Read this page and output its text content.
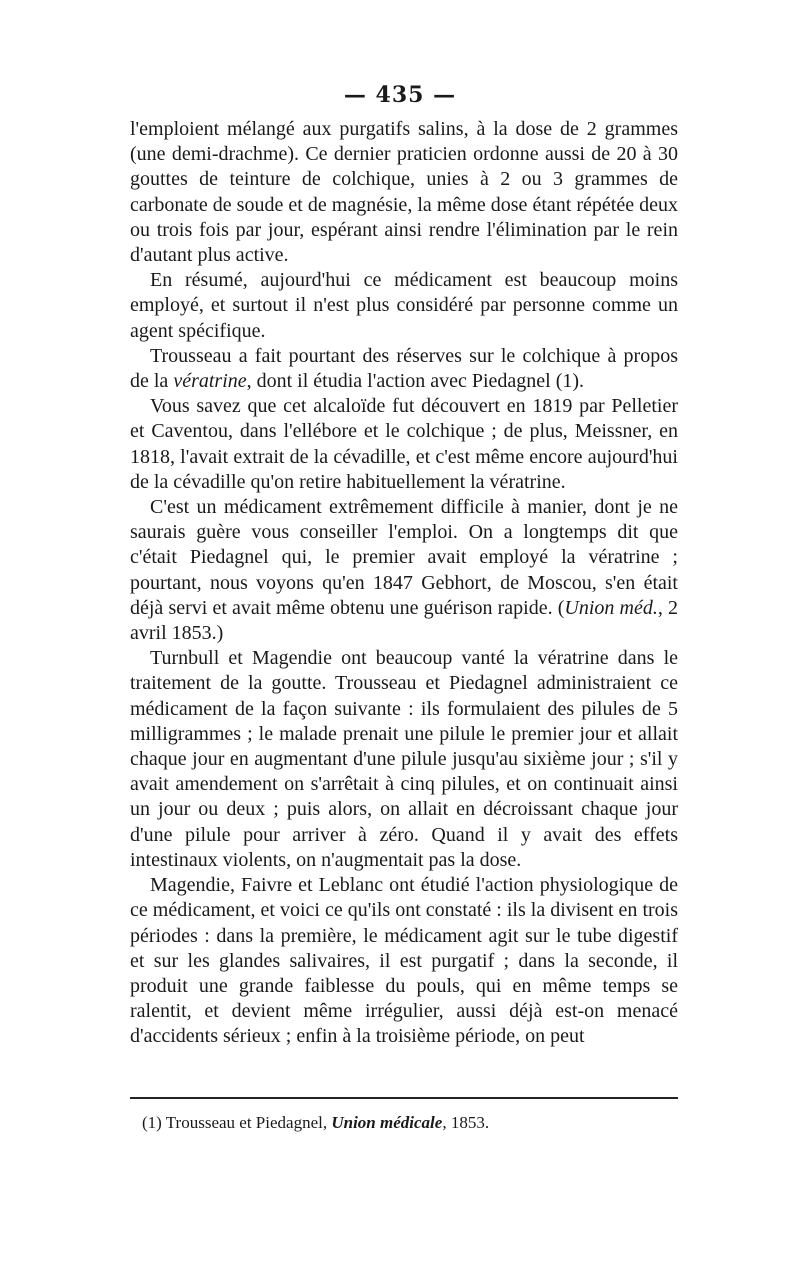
— 435 —

l'emploient mélangé aux purgatifs salins, à la dose de 2 grammes (une demi-drachme). Ce dernier praticien ordonne aussi de 20 à 30 gouttes de teinture de colchique, unies à 2 ou 3 grammes de carbonate de soude et de magnésie, la même dose étant répétée deux ou trois fois par jour, espérant ainsi rendre l'élimination par le rein d'autant plus active.

En résumé, aujourd'hui ce médicament est beaucoup moins employé, et surtout il n'est plus considéré par personne comme un agent spécifique.

Trousseau a fait pourtant des réserves sur le colchique à propos de la vératrine, dont il étudia l'action avec Piedagnel (1).

Vous savez que cet alcaloïde fut découvert en 1819 par Pelletier et Caventou, dans l'ellébore et le colchique ; de plus, Meissner, en 1818, l'avait extrait de la cévadille, et c'est même encore aujourd'hui de la cévadille qu'on retire habituellement la vératrine.

C'est un médicament extrêmement difficile à manier, dont je ne saurais guère vous conseiller l'emploi. On a longtemps dit que c'était Piedagnel qui, le premier avait employé la vératrine ; pourtant, nous voyons qu'en 1847 Gebhort, de Moscou, s'en était déjà servi et avait même obtenu une guérison rapide. (Union méd., 2 avril 1853.)

Turnbull et Magendie ont beaucoup vanté la vératrine dans le traitement de la goutte. Trousseau et Piedagnel administraient ce médicament de la façon suivante : ils formulaient des pilules de 5 milligrammes ; le malade prenait une pilule le premier jour et allait chaque jour en augmentant d'une pilule jusqu'au sixième jour ; s'il y avait amendement on s'arrêtait à cinq pilules, et on continuait ainsi un jour ou deux ; puis alors, on allait en décroissant chaque jour d'une pilule pour arriver à zéro. Quand il y avait des effets intestinaux violents, on n'augmentait pas la dose.

Magendie, Faivre et Leblanc ont étudié l'action physiologique de ce médicament, et voici ce qu'ils ont constaté : ils la divisent en trois périodes : dans la première, le médicament agit sur le tube digestif et sur les glandes salivaires, il est purgatif ; dans la seconde, il produit une grande faiblesse du pouls, qui en même temps se ralentit, et devient même irrégulier, aussi déjà est-on menacé d'accidents sérieux ; enfin à la troisième période, on peut

(1) Trousseau et Piedagnel, Union médicale, 1853.
